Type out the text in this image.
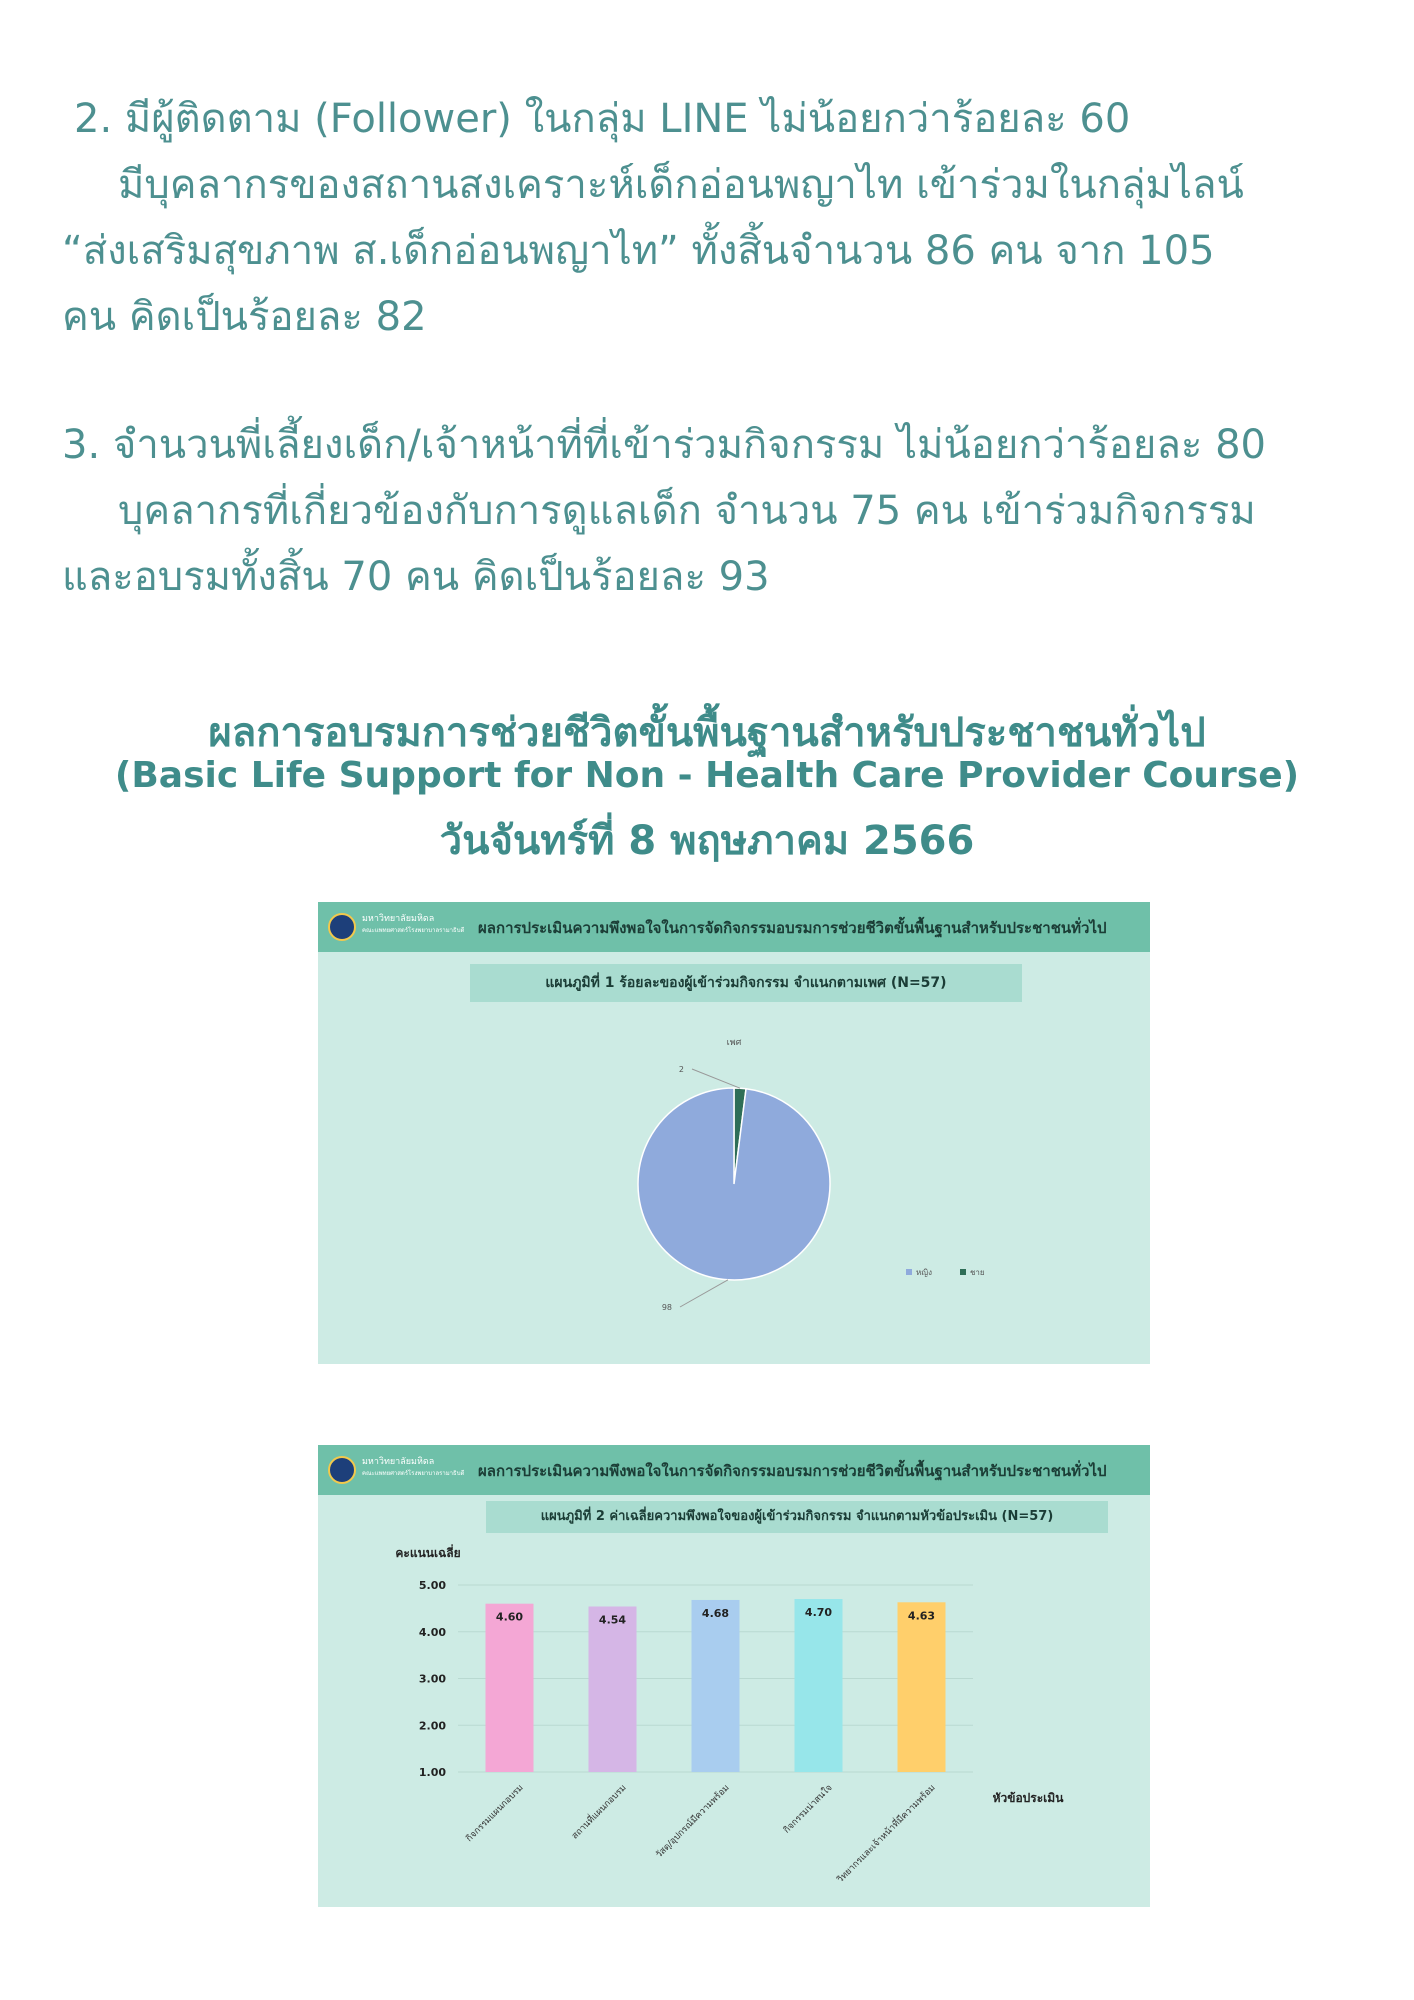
2. มีผู้ติดตาม (Follower) ในกลุ่ม LINE ไม่น้อยกว่าร้อยละ 60
มีบุคลากรของสถานสงเคราะห์เด็กอ่อนพญาไท เข้าร่วมในกลุ่มไลน์
“ส่งเสริมสุขภาพ ส.เด็กอ่อนพญาไท” ทั้งสิ้นจำนวน 86 คน จาก 105
คน คิดเป็นร้อยละ 82
3. จำนวนพี่เลี้ยงเด็ก/เจ้าหน้าที่ที่เข้าร่วมกิจกรรม ไม่น้อยกว่าร้อยละ 80
บุคลากรที่เกี่ยวข้องกับการดูแลเด็ก จำนวน 75 คน เข้าร่วมกิจกรรม
และอบรมทั้งสิ้น 70 คน คิดเป็นร้อยละ 93
ผลการอบรมการช่วยชีวิตขั้นพื้นฐานสำหรับประชาชนทั่วไป
(Basic Life Support for Non - Health Care Provider Course)
วันจันทร์ที่ 8 พฤษภาคม 2566
มหาวิทยาลัยมหิดล
คณะแพทยศาสตร์โรงพยาบาลรามาธิบดี ผลการประเมินความพึงพอใจในการจัดกิจกรรมอบรมการช่วยชีวิตขั้นพื้นฐานสำหรับประชาชนทั่วไป
แผนภูมิที่ 1 ร้อยละของผู้เข้าร่วมกิจกรรม จำแนกตามเพศ (N=57)
เพศ
2
98
หญิง	ชาย
มหาวิทยาลัยมหิดล
คณะแพทยศาสตร์โรงพยาบาลรามาธิบดี ผลการประเมินความพึงพอใจในการจัดกิจกรรมอบรมการช่วยชีวิตขั้นพื้นฐานสำหรับประชาชนทั่วไป
แผนภูมิที่ 2 ค่าเฉลี่ยความพึงพอใจของผู้เข้าร่วมกิจกรรม จำแนกตามหัวข้อประเมิน (N=57)
คะแนนเฉลี่ย
หัวข้อประเมิน
5.00
4.00
3.00
2.00
1.00
4.60	4.54
4.68	4.70	4.63
กิจกรรมแผนกอบรม	สถานที่แผนกอบรม	วัสดุ/อุปกรณ์มีความพร้อม	กิจกรรมน่าสนใจ วิทยากรและเจ้าหน้าที่มีความพร้อม
